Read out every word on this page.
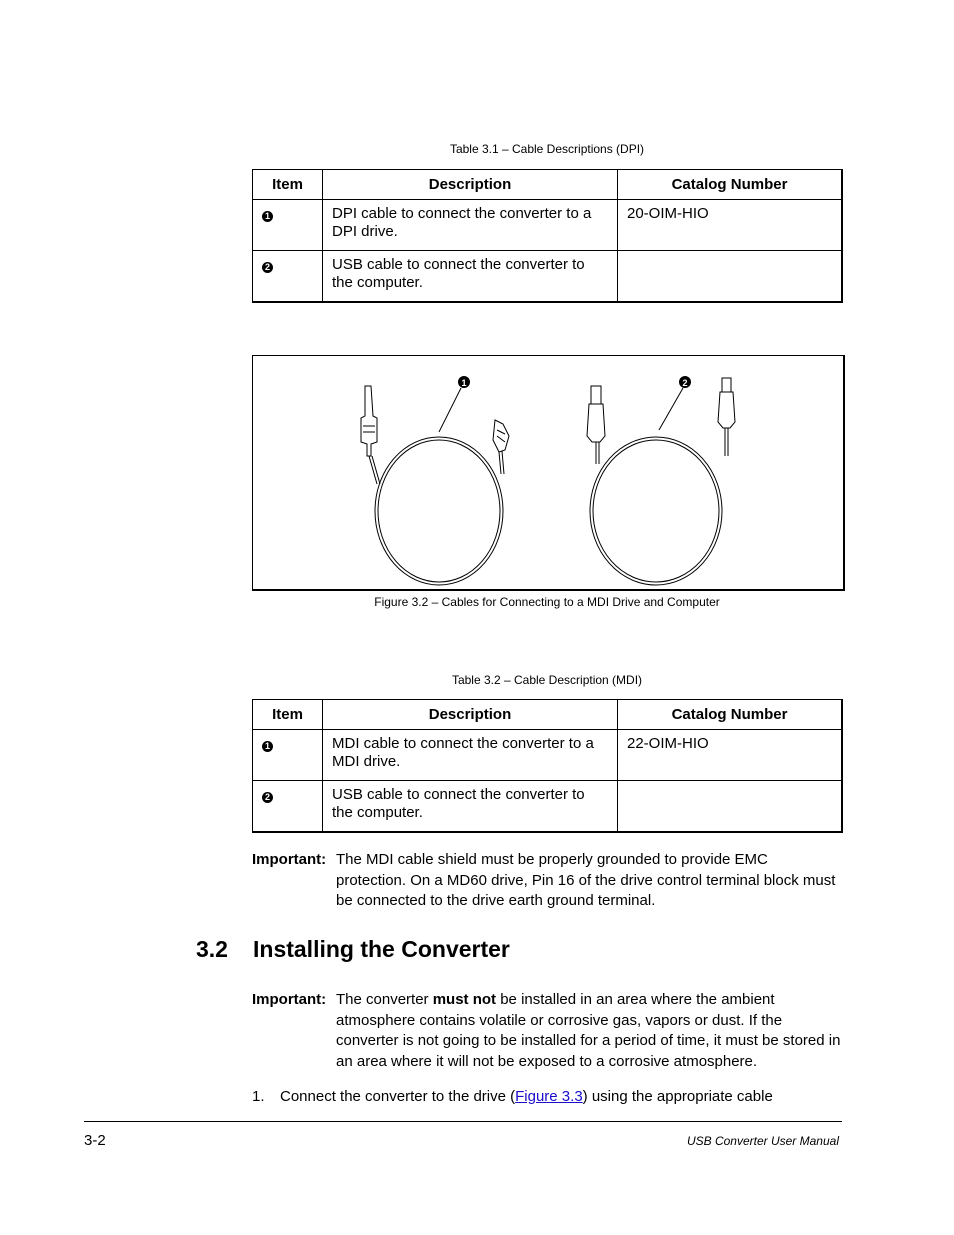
Table 3.1 – Cable Descriptions (DPI)
Item	Description	Catalog Number
1	DPI cable to connect the converter to a DPI drive.	20-OIM-HIO
2	USB cable to connect the converter to the computer.	
1	2
Figure 3.2 – Cables for Connecting to a MDI Drive and Computer
Table 3.2 – Cable Description (MDI)
Item	Description	Catalog Number
1	MDI cable to connect the converter to a MDI drive.	22-OIM-HIO
2	USB cable to connect the converter to the computer.	
Important: The MDI cable shield must be properly grounded to provide EMC protection. On a MD60 drive, Pin 16 of the drive control terminal block must be connected to the drive earth ground terminal.
3.2 Installing the Converter
Important: The converter must not be installed in an area where the ambient atmosphere contains volatile or corrosive gas, vapors or dust. If the converter is not going to be installed for a period of time, it must be stored in an area where it will not be exposed to a corrosive atmosphere.
1. Connect the converter to the drive (Figure 3.3) using the appropriate cable
3-2	USB Converter User Manual
